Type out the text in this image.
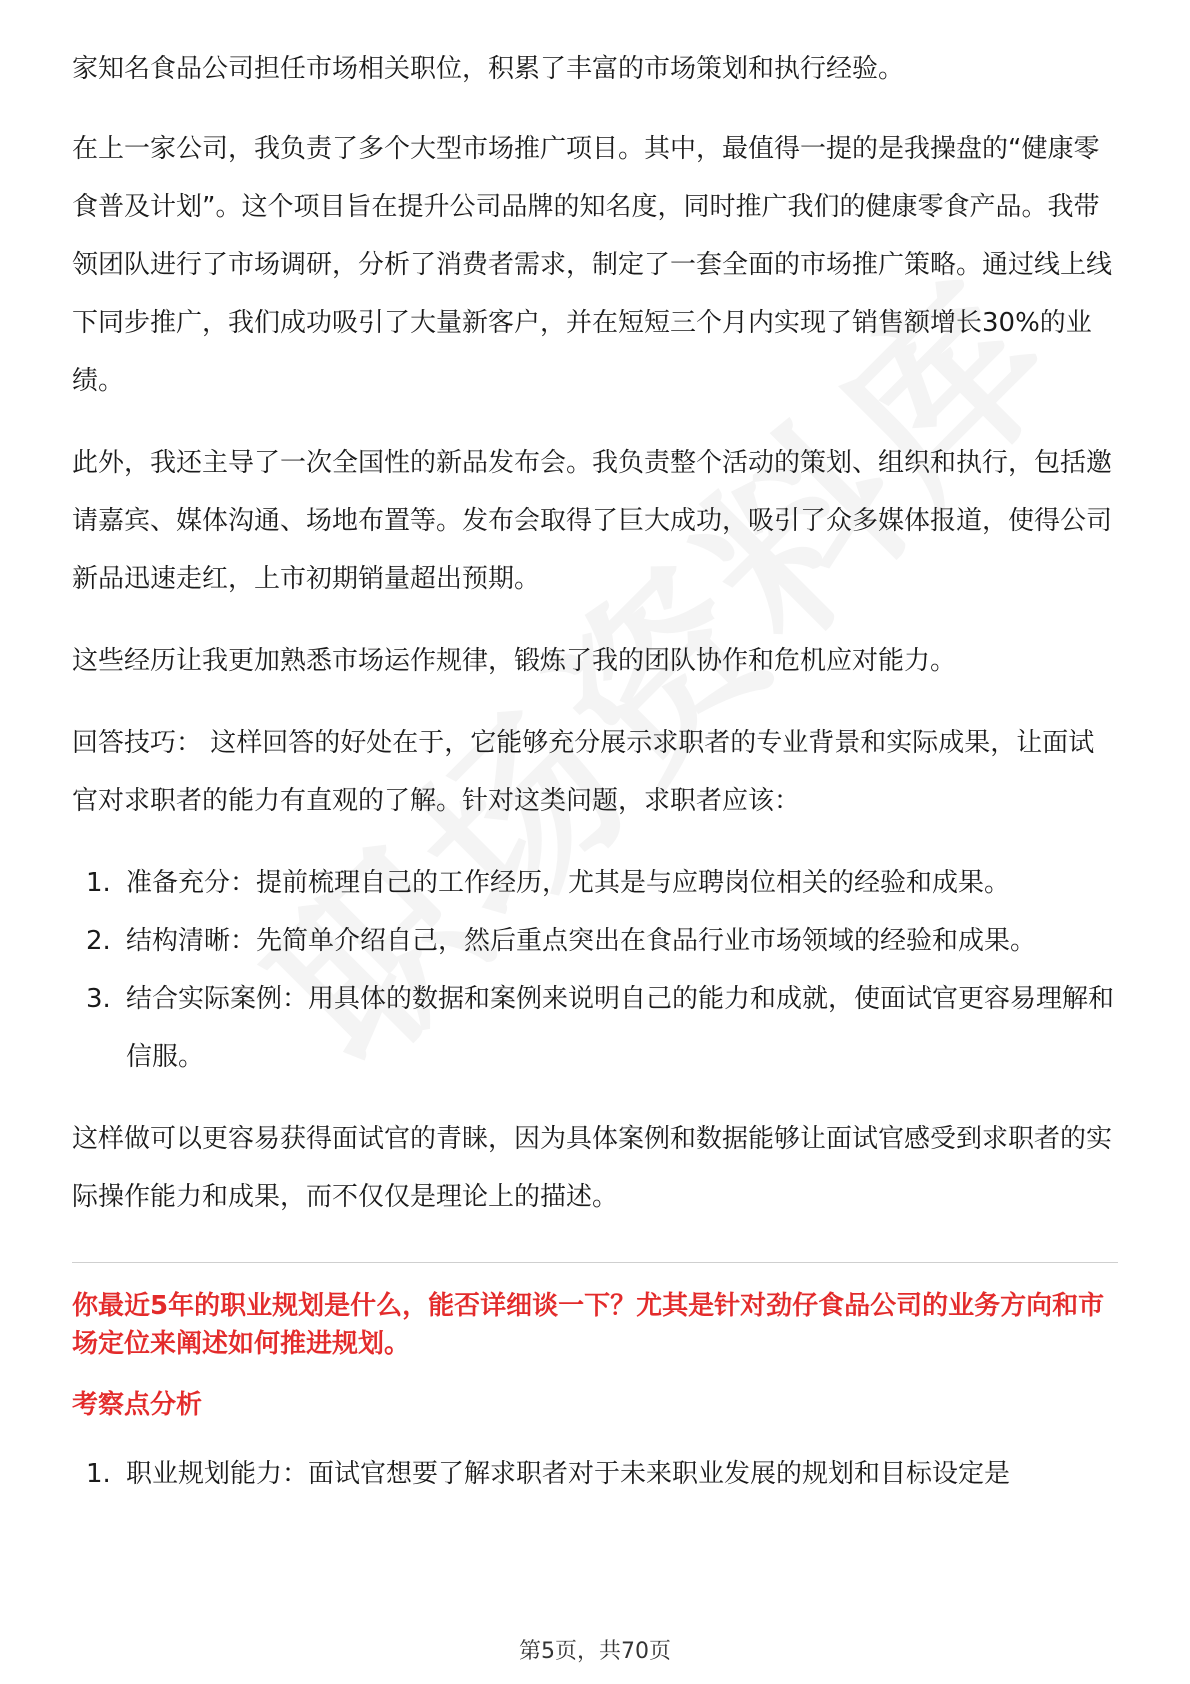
家知名食品公司担任市场相关职位，积累了丰富的市场策划和执行经验。

在上一家公司，我负责了多个大型市场推广项目。其中，最值得一提的是我操盘的“健康零食普及计划”。这个项目旨在提升公司品牌的知名度，同时推广我们的健康零食产品。我带领团队进行了市场调研，分析了消费者需求，制定了一套全面的市场推广策略。通过线上线下同步推广，我们成功吸引了大量新客户，并在短短三个月内实现了销售额增长30%的业绩。

此外，我还主导了一次全国性的新品发布会。我负责整个活动的策划、组织和执行，包括邀请嘉宾、媒体沟通、场地布置等。发布会取得了巨大成功，吸引了众多媒体报道，使得公司新品迅速走红，上市初期销量超出预期。

这些经历让我更加熟悉市场运作规律，锻炼了我的团队协作和危机应对能力。

回答技巧： 这样回答的好处在于，它能够充分展示求职者的专业背景和实际成果，让面试官对求职者的能力有直观的了解。针对这类问题，求职者应该：

1. 准备充分：提前梳理自己的工作经历，尤其是与应聘岗位相关的经验和成果。
2. 结构清晰：先简单介绍自己，然后重点突出在食品行业市场领域的经验和成果。
3. 结合实际案例：用具体的数据和案例来说明自己的能力和成就，使面试官更容易理解和信服。

这样做可以更容易获得面试官的青睐，因为具体案例和数据能够让面试官感受到求职者的实际操作能力和成果，而不仅仅是理论上的描述。

你最近5年的职业规划是什么，能否详细谈一下？尤其是针对劲仔食品公司的业务方向和市场定位来阐述如何推进规划。
考察点分析
1. 职业规划能力：面试官想要了解求职者对于未来职业发展的规划和目标设定是
第5页，共70页
